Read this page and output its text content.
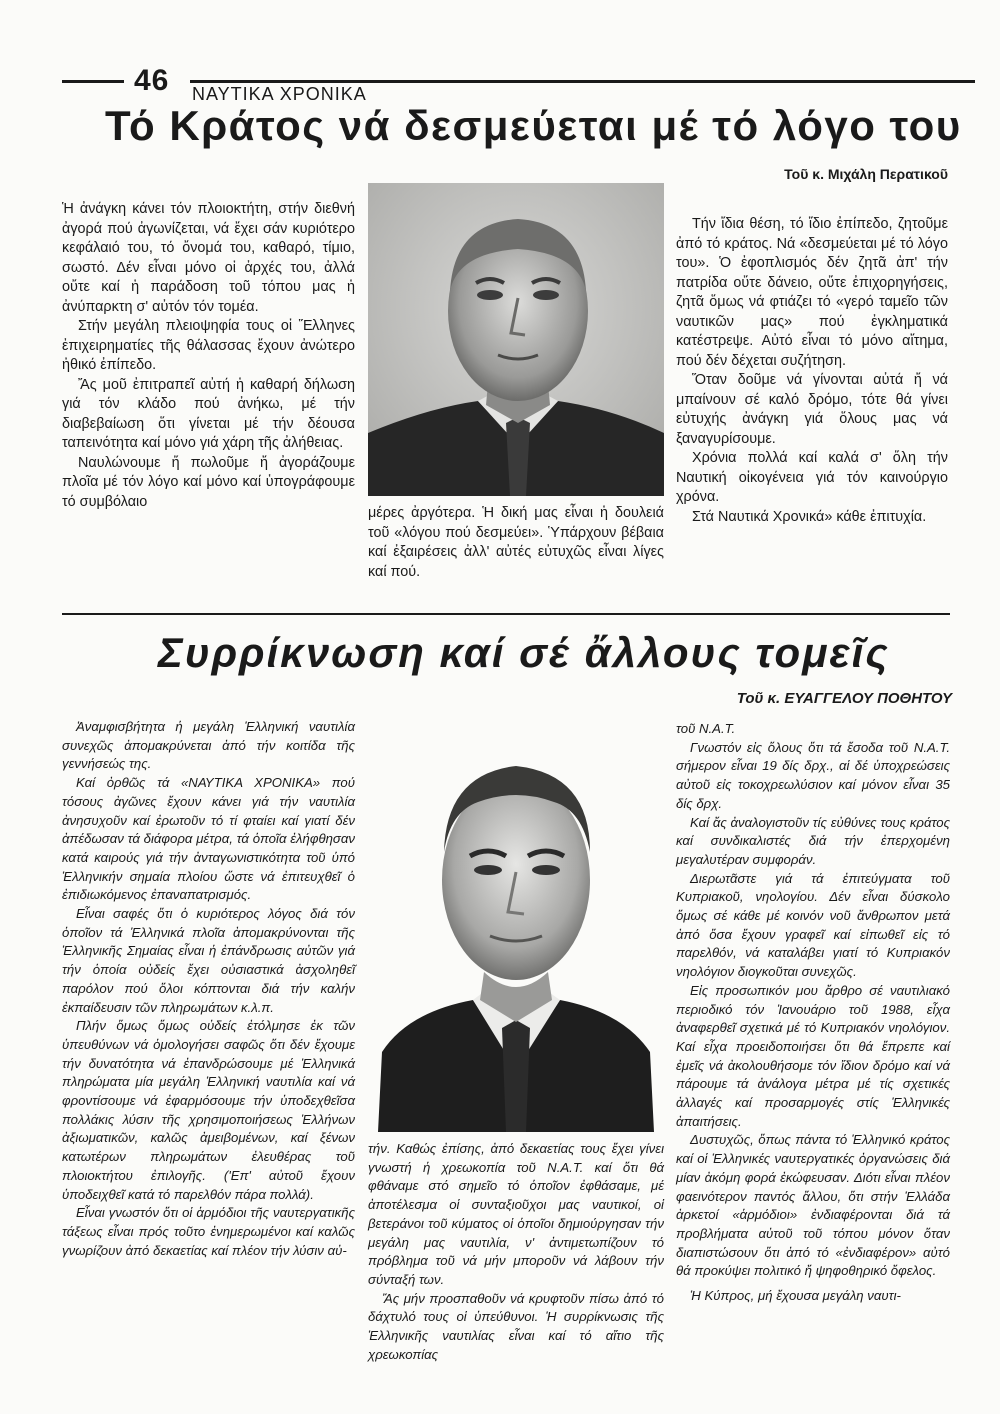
46 ΝΑΥΤΙΚΑ ΧΡΟΝΙΚΑ
Τό Κράτος νά δεσμεύεται μέ τό λόγο του
Τοῦ κ. Μιχάλη Περατικοῦ

Ἡ ἀνάγκη κάνει τόν πλοιοκτήτη, στήν διεθνή ἀγορά πού ἀγωνίζεται, νά ἔχει σάν κυριότερο κεφάλαιό του, τό ὄνομά του, καθαρό, τίμιο, σωστό. Δέν εἶναι μόνο οἱ ἀρχές του, ἀλλά οὔτε καί ἡ παράδοση τοῦ τόπου μας ἡ ἀνύπαρκτη σ' αὐτόν τόν τομέα.

Στήν μεγάλη πλειοψηφία τους οἱ Ἕλληνες ἐπιχειρηματίες τῆς θάλασσας ἔχουν ἀνώτερο ἠθικό ἐπίπεδο.

Ἄς μοῦ ἐπιτραπεῖ αὐτή ἡ καθαρή δήλωση γιά τόν κλάδο πού ἀνήκω, μέ τήν διαβεβαίωση ὅτι γίνεται μέ τήν δέουσα ταπεινότητα καί μόνο γιά χάρη τῆς ἀλήθειας.

Ναυλώνουμε ἤ πωλοῦμε ἤ ἀγοράζουμε πλοῖα μέ τόν λόγο καί μόνο καί ὑπογράφουμε τό συμβόλαιο

μέρες ἀργότερα. Ἡ δική μας εἶναι ἡ δουλειά τοῦ «λόγου πού δεσμεύει». Ὑπάρχουν βέβαια καί ἐξαιρέσεις ἀλλ' αὐτές εὐτυχῶς εἶναι λίγες καί πού.

Τήν ἴδια θέση, τό ἴδιο ἐπίπεδο, ζητοῦμε ἀπό τό κράτος. Νά «δεσμεύεται μέ τό λόγο του». Ὁ ἐφοπλισμός δέν ζητᾶ ἀπ' τήν πατρίδα οὔτε δάνειο, οὔτε ἐπιχορηγήσεις, ζητᾶ ὅμως νά φτιάζει τό «γερό ταμεῖο τῶν ναυτικῶν μας» πού ἐγκληματικά κατέστρεψε. Αὐτό εἶναι τό μόνο αἴτημα, πού δέν δέχεται συζήτηση.

Ὅταν δοῦμε νά γίνονται αὐτά ἤ νά μπαίνουν σέ καλό δρόμο, τότε θά γίνει εὐτυχής ἀνάγκη γιά ὅλους μας νά ξαναγυρίσουμε.

Χρόνια πολλά καί καλά σ' ὅλη τήν Ναυτική οἰκογένεια γιά τόν καινούργιο χρόνα.

Στά Ναυτικά Χρονικά» κάθε ἐπιτυχία.

Συρρίκνωση καί σέ ἄλλους τομεῖς
Τοῦ κ. ΕΥΑΓΓΕΛΟΥ ΠΟΘΗΤΟΥ

Ἀναμφισβήτητα ἡ μεγάλη Ἑλληνική ναυτιλία συνεχῶς ἀπομακρύνεται ἀπό τήν κοιτίδα τῆς γεννήσεώς της.

Καί ὀρθῶς τά «ΝΑΥΤΙΚΑ ΧΡΟΝΙΚΑ» πού τόσους ἀγῶνες ἔχουν κάνει γιά τήν ναυτιλία ἀνησυχοῦν καί ἐρωτοῦν τό τί φταίει καί γιατί δέν ἀπέδωσαν τά διάφορα μέτρα, τά ὁποῖα ἐλήφθησαν κατά καιρούς γιά τήν ἀνταγωνιστικότητα τοῦ ὑπό Ἑλληνικήν σημαία πλοίου ὥστε νά ἐπιτευχθεῖ ὁ ἐπιδιωκόμενος ἐπαναπατρισμός.

Εἶναι σαφές ὅτι ὁ κυριότερος λόγος διά τόν ὁποῖον τά Ἑλληνικά πλοῖα ἀπομακρύνονται τῆς Ἑλληνικῆς Σημαίας εἶναι ἡ ἐπάνδρωσις αὐτῶν γιά τήν ὁποία οὐδείς ἔχει οὐσιαστικά ἀσχοληθεῖ παρόλον πού ὅλοι κόπτονται διά τήν καλήν ἐκπαίδευσιν τῶν πληρωμάτων κ.λ.π.

Πλήν ὅμως ὅμως οὐδείς ἐτόλμησε ἐκ τῶν ὑπευθύνων νά ὁμολογήσει σαφῶς ὅτι δέν ἔχουμε τήν δυνατότητα νά ἐπανδρώσουμε μέ Ἑλληνικά πληρώματα μία μεγάλη Ἑλληνική ναυτιλία καί νά φροντίσουμε νά ἐφαρμόσουμε τήν ὑποδεχθεῖσα πολλάκις λύσιν τῆς χρησιμοποιήσεως Ἑλλήνων ἀξιωματικῶν, καλῶς ἀμειβομένων, καί ξένων κατωτέρων πληρωμάτων ἐλευθέρας τοῦ πλοιοκτήτου ἐπιλογῆς. ('Επ' αὐτοῦ ἔχουν ὑποδειχθεῖ κατά τό παρελθόν πάρα πολλά).

Εἶναι γνωστόν ὅτι οἱ ἁρμόδιοι τῆς ναυτεργατικῆς τάξεως εἶναι πρός τοῦτο ἐνημερωμένοι καί καλῶς γνωρίζουν ἀπό δεκαετίας καί πλέον τήν λύσιν αὐ-

τήν. Καθώς ἐπίσης, ἀπό δεκαετίας τους ἔχει γίνει γνωστή ἡ χρεωκοπία τοῦ Ν.Α.Τ. καί ὅτι θά φθάναμε στό σημεῖο τό ὁποῖον ἐφθάσαμε, μέ ἀποτέλεσμα οἱ συνταξιοῦχοι μας ναυτικοί, οἱ βετεράνοι τοῦ κύματος οἱ ὁποῖοι δημιούργησαν τήν μεγάλη μας ναυτιλία, ν' ἀντιμετωπίζουν τό πρόβλημα τοῦ νά μήν μποροῦν νά λάβουν τήν σύνταξή των.

Ἄς μήν προσπαθοῦν νά κρυφτοῦν πίσω ἀπό τό δάχτυλό τους οἱ ὑπεύθυνοι. Ἡ συρρίκνωσις τῆς Ἑλληνικῆς ναυτιλίας εἶναι καί τό αἴτιο τῆς χρεωκοπίας

τοῦ Ν.Α.Τ.

Γνωστόν εἰς ὅλους ὅτι τά ἔσοδα τοῦ Ν.Α.Τ. σήμερον εἶναι 19 δίς δρχ., αἱ δέ ὑποχρεώσεις αὐτοῦ εἰς τοκοχρεωλύσιον καί μόνον εἶναι 35 δίς δρχ.

Καί ἄς ἀναλογιστοῦν τίς εὐθύνες τους κράτος καί συνδικαλιστές διά τήν ἐπερχομένη μεγαλυτέραν συμφοράν.

Διερωτᾶστε γιά τά ἐπιτεύγματα τοῦ Κυπριακοῦ, νηολογίου. Δέν εἶναι δύσκολο ὅμως σέ κάθε μέ κοινόν νοῦ ἄνθρωπον μετά ἀπό ὅσα ἔχουν γραφεῖ καί εἰπωθεῖ εἰς τό παρελθόν, νά καταλάβει γιατί τό Κυπριακόν νηολόγιον διογκοῦται συνεχῶς.

Εἰς προσωπικόν μου ἄρθρο σέ ναυτιλιακό περιοδικό τόν Ἰανουάριο τοῦ 1988, εἶχα ἀναφερθεῖ σχετικά μέ τό Κυπριακόν νηολόγιον. Καί εἶχα προειδοποιήσει ὅτι θά ἔπρεπε καί ἐμεῖς νά ἀκολουθήσομε τόν ἴδιον δρόμο καί νά πάρουμε τά ἀνάλογα μέτρα μέ τίς σχετικές ἀλλαγές καί προσαρμογές στίς Ἑλληνικές ἀπαιτήσεις.

Δυστυχῶς, ὅπως πάντα τό Ἑλληνικό κράτος καί οἱ Ἑλληνικές ναυτεργατικές ὀργανώσεις διά μίαν ἀκόμη φορά ἐκώφευσαν. Διότι εἶναι πλέον φαεινότερον παντός ἄλλου, ὅτι στήν Ἑλλάδα ἀρκετοί «ἁρμόδιοι» ἐνδιαφέρονται διά τά προβλήματα αὐτοῦ τοῦ τόπου μόνον ὅταν διαπιστώσουν ὅτι ἀπό τό «ἐνδιαφέρον» αὐτό θά προκύψει πολιτικό ἤ ψηφοθηρικό ὄφελος.

Ἡ Κύπρος, μή ἔχουσα μεγάλη ναυτι-
